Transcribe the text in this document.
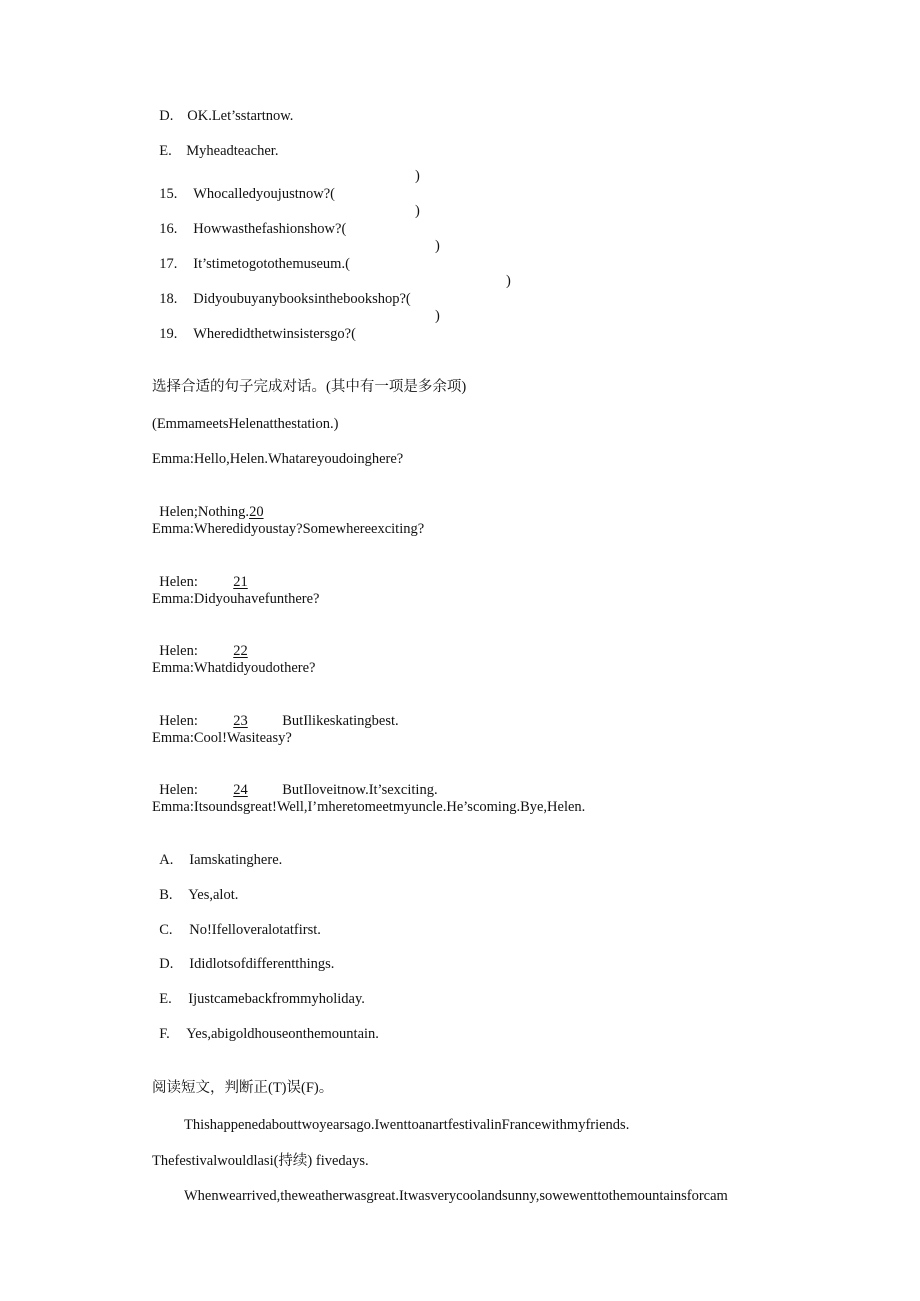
D. OK.Let’sstartnow.

E. Myheadteacher.

15. Whocalledyoujustnow?(

)

16. Howwasthefashionshow?(

)

17. It’stimetogotothemuseum.(

)

18. Didyoubuyanybooksinthebookshop?(

)

19. Wheredidthetwinsistersgo?(

)
选择合适的句子完成对话。(其中有一项是多余项)
(EmmameetsHelenatthestation.)
Emma:Hello,Helen.Whatareyoudoinghere?

Helen;Nothing.20

Emma:Wheredidyoustay?Somewhereexciting?

Helen: 21

Emma:Didyouhavefunthere?

Helen: 22

Emma:Whatdidyoudothere?

Helen: 23 ButIlikeskatingbest.

Emma:Cool!Wasiteasy?

Helen: 24 ButIloveitnow.It’sexciting.

Emma:Itsoundsgreat!Well,I’mheretomeetmyuncle.He’scoming.Bye,Helen.

A. Iamskatinghere.

B. Yes,alot.

C. No!Ifelloveralotatfirst.

D. Ididlotsofdifferentthings.

E. Ijustcamebackfrommyholiday.

F. Yes,abigoldhouseonthemountain.

阅读短文，判断正(T)误(F)。
Thishappenedabouttwoyearsago.IwenttoanartfestivalinFrancewithmyfriends.
Thefestivalwouldlasi(持续) fivedays.
Whenwearrived,theweatherwasgreat.Itwasverycoolandsunny,sowewenttothemountainsforcam
